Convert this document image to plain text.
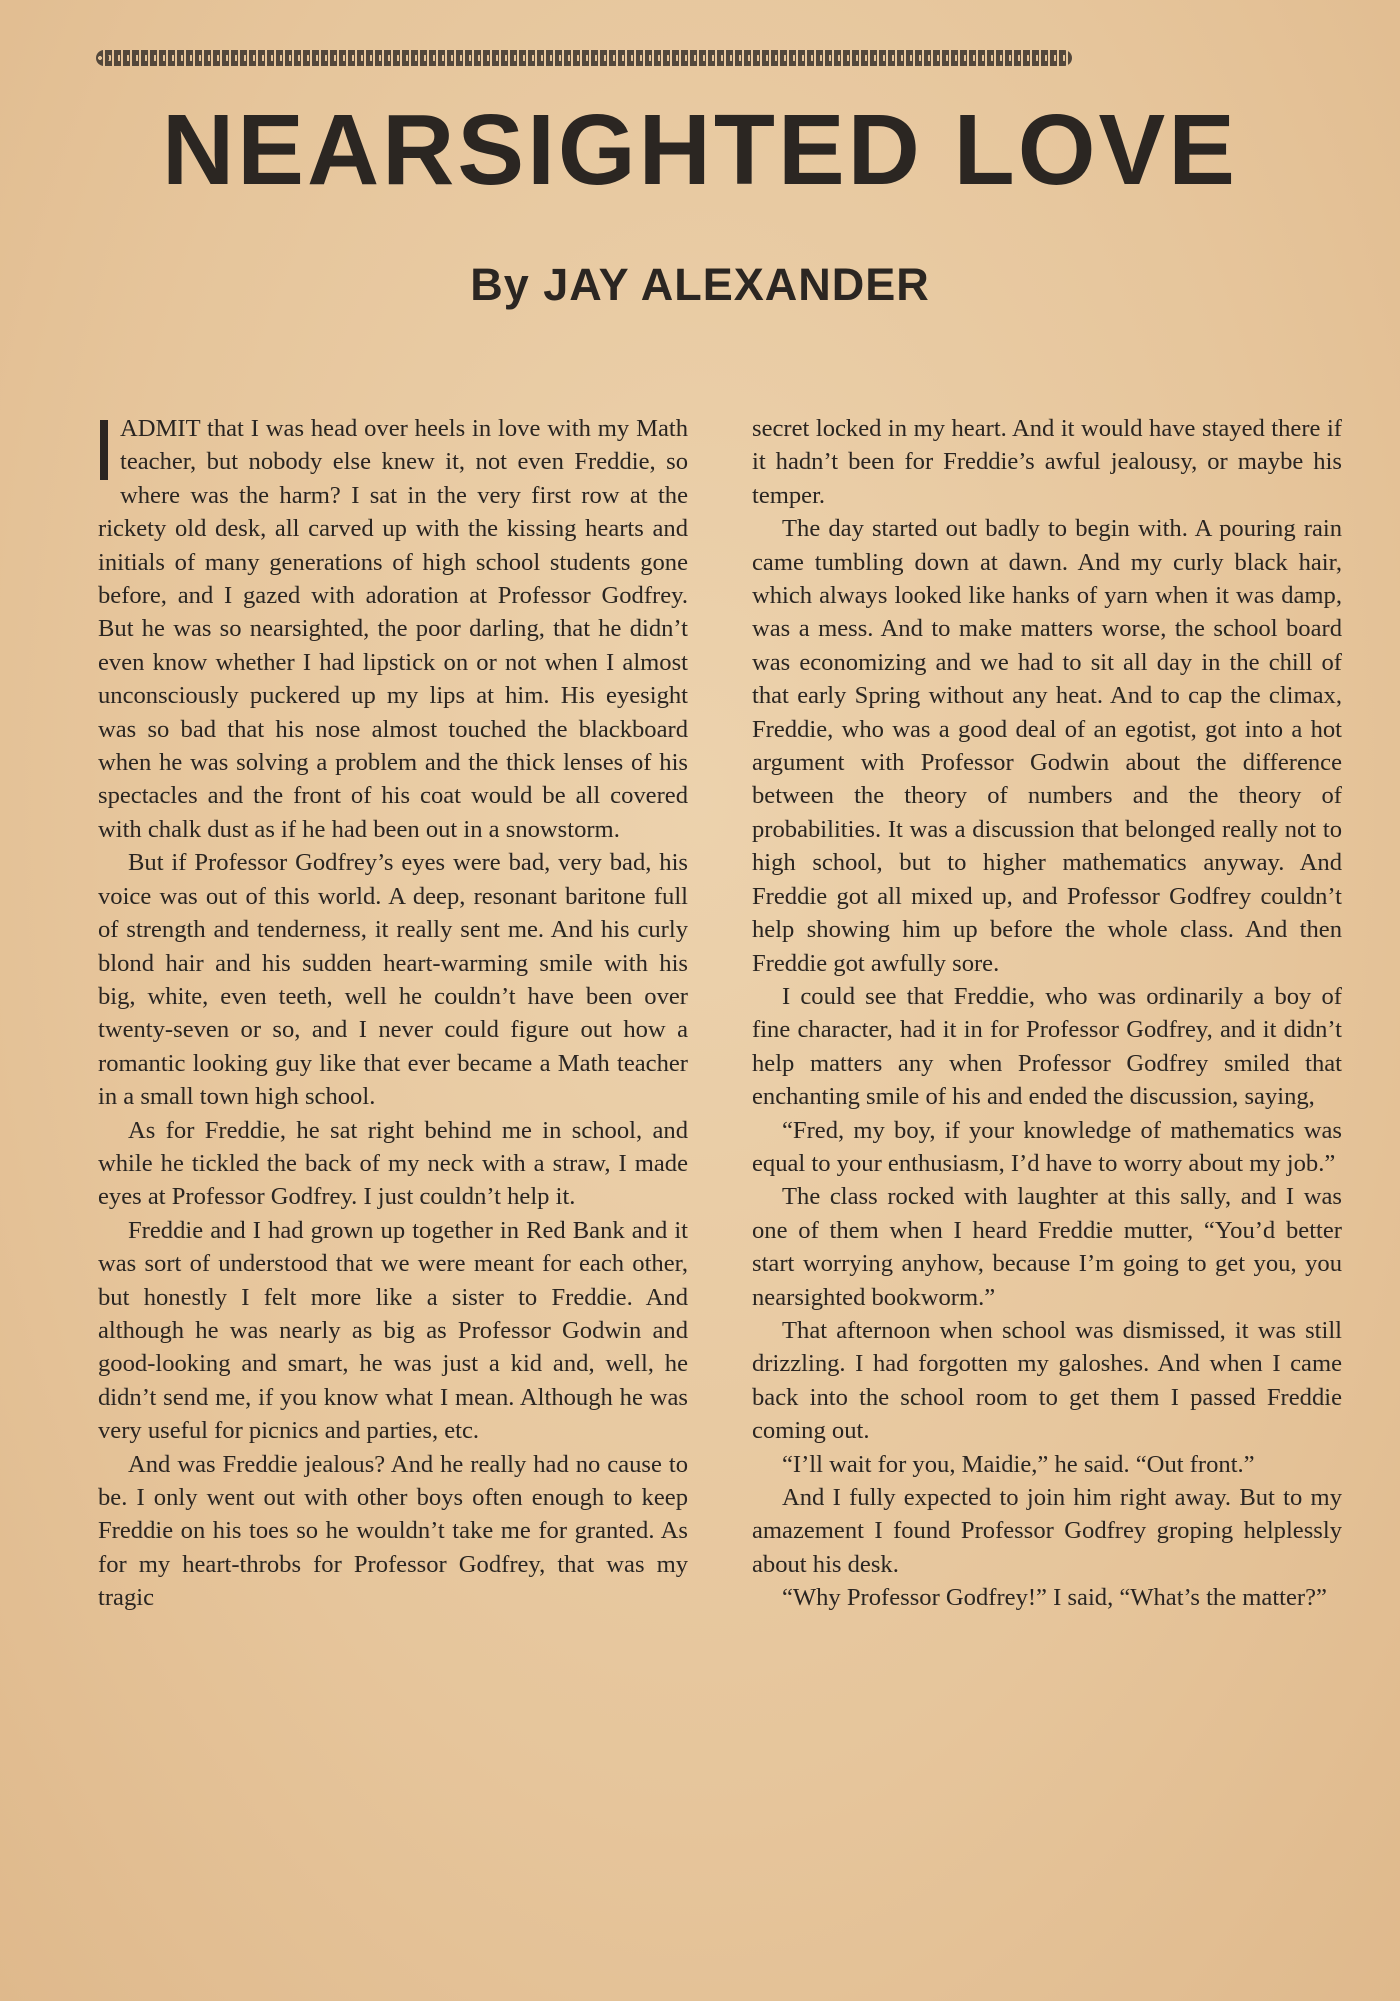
NEARSIGHTED LOVE
By JAY ALEXANDER

ADMIT that I was head over heels in love with my Math teacher, but nobody else knew it, not even Freddie, so where was the harm? I sat in the very first row at the rickety old desk, all carved up with the kissing hearts and initials of many generations of high school students gone before, and I gazed with adoration at Professor Godfrey. But he was so nearsighted, the poor darling, that he didn’t even know whether I had lipstick on or not when I almost unconsciously puckered up my lips at him. His eyesight was so bad that his nose almost touched the blackboard when he was solving a problem and the thick lenses of his spectacles and the front of his coat would be all covered with chalk dust as if he had been out in a snowstorm.

But if Professor Godfrey’s eyes were bad, very bad, his voice was out of this world. A deep, resonant baritone full of strength and tenderness, it really sent me. And his curly blond hair and his sudden heart-warming smile with his big, white, even teeth, well he couldn’t have been over twenty-seven or so, and I never could figure out how a romantic looking guy like that ever became a Math teacher in a small town high school.

As for Freddie, he sat right behind me in school, and while he tickled the back of my neck with a straw, I made eyes at Professor Godfrey. I just couldn’t help it.

Freddie and I had grown up together in Red Bank and it was sort of understood that we were meant for each other, but honestly I felt more like a sister to Freddie. And although he was nearly as big as Professor Godwin and good-looking and smart, he was just a kid and, well, he didn’t send me, if you know what I mean. Although he was very useful for picnics and parties, etc.

And was Freddie jealous? And he really had no cause to be. I only went out with other boys often enough to keep Freddie on his toes so he wouldn’t take me for granted. As for my heart-throbs for Professor Godfrey, that was my tragic

secret locked in my heart. And it would have stayed there if it hadn’t been for Freddie’s awful jealousy, or maybe his temper.

The day started out badly to begin with. A pouring rain came tumbling down at dawn. And my curly black hair, which always looked like hanks of yarn when it was damp, was a mess. And to make matters worse, the school board was economizing and we had to sit all day in the chill of that early Spring without any heat. And to cap the climax, Freddie, who was a good deal of an egotist, got into a hot argument with Professor Godwin about the difference between the theory of numbers and the theory of probabilities. It was a discussion that belonged really not to high school, but to higher mathematics anyway. And Freddie got all mixed up, and Professor Godfrey couldn’t help showing him up before the whole class. And then Freddie got awfully sore.

I could see that Freddie, who was ordinarily a boy of fine character, had it in for Professor Godfrey, and it didn’t help matters any when Professor Godfrey smiled that enchanting smile of his and ended the discussion, saying,

“Fred, my boy, if your knowledge of mathematics was equal to your enthusiasm, I’d have to worry about my job.”

The class rocked with laughter at this sally, and I was one of them when I heard Freddie mutter, “You’d better start worrying anyhow, because I’m going to get you, you nearsighted bookworm.”

That afternoon when school was dismissed, it was still drizzling. I had forgotten my galoshes. And when I came back into the school room to get them I passed Freddie coming out.

“I’ll wait for you, Maidie,” he said. “Out front.”

And I fully expected to join him right away. But to my amazement I found Professor Godfrey groping helplessly about his desk.

“Why Professor Godfrey!” I said, “What’s the matter?”
